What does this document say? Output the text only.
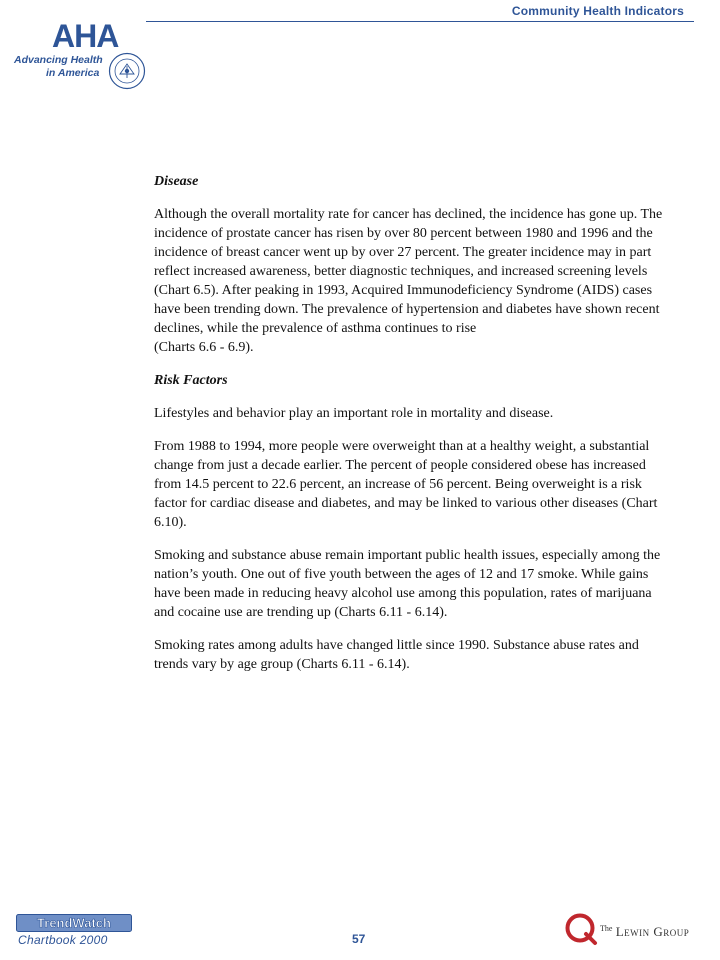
Community Health Indicators
AHA
Advancing Health
in America
Disease

Although the overall mortality rate for cancer has declined, the incidence has gone up. The incidence of prostate cancer has risen by over 80 percent between 1980 and 1996 and the incidence of breast cancer went up by over 27 percent. The greater incidence may in part reflect increased awareness, better diagnostic techniques, and increased screening levels (Chart 6.5). After peaking in 1993, Acquired Immunodeficiency Syndrome (AIDS) cases have been trending down. The prevalence of hypertension and diabetes have shown recent declines, while the prevalence of asthma continues to rise
(Charts 6.6 - 6.9).

Risk Factors

Lifestyles and behavior play an important role in mortality and disease.

From 1988 to 1994, more people were overweight than at a healthy weight, a substantial change from just a decade earlier. The percent of people considered obese has increased from 14.5 percent to 22.6 percent, an increase of 56 percent. Being overweight is a risk factor for cardiac disease and diabetes, and may be linked to various other diseases (Chart 6.10).

Smoking and substance abuse remain important public health issues, especially among the nation’s youth. One out of five youth between the ages of 12 and 17 smoke. While gains have been made in reducing heavy alcohol use among this population, rates of marijuana and cocaine use are trending up (Charts 6.11 - 6.14).

Smoking rates among adults have changed little since 1990. Substance abuse rates and trends vary by age group (Charts 6.11 - 6.14).

TrendWatch
Chartbook 2000	57
$^{The}$ Lewin Group
